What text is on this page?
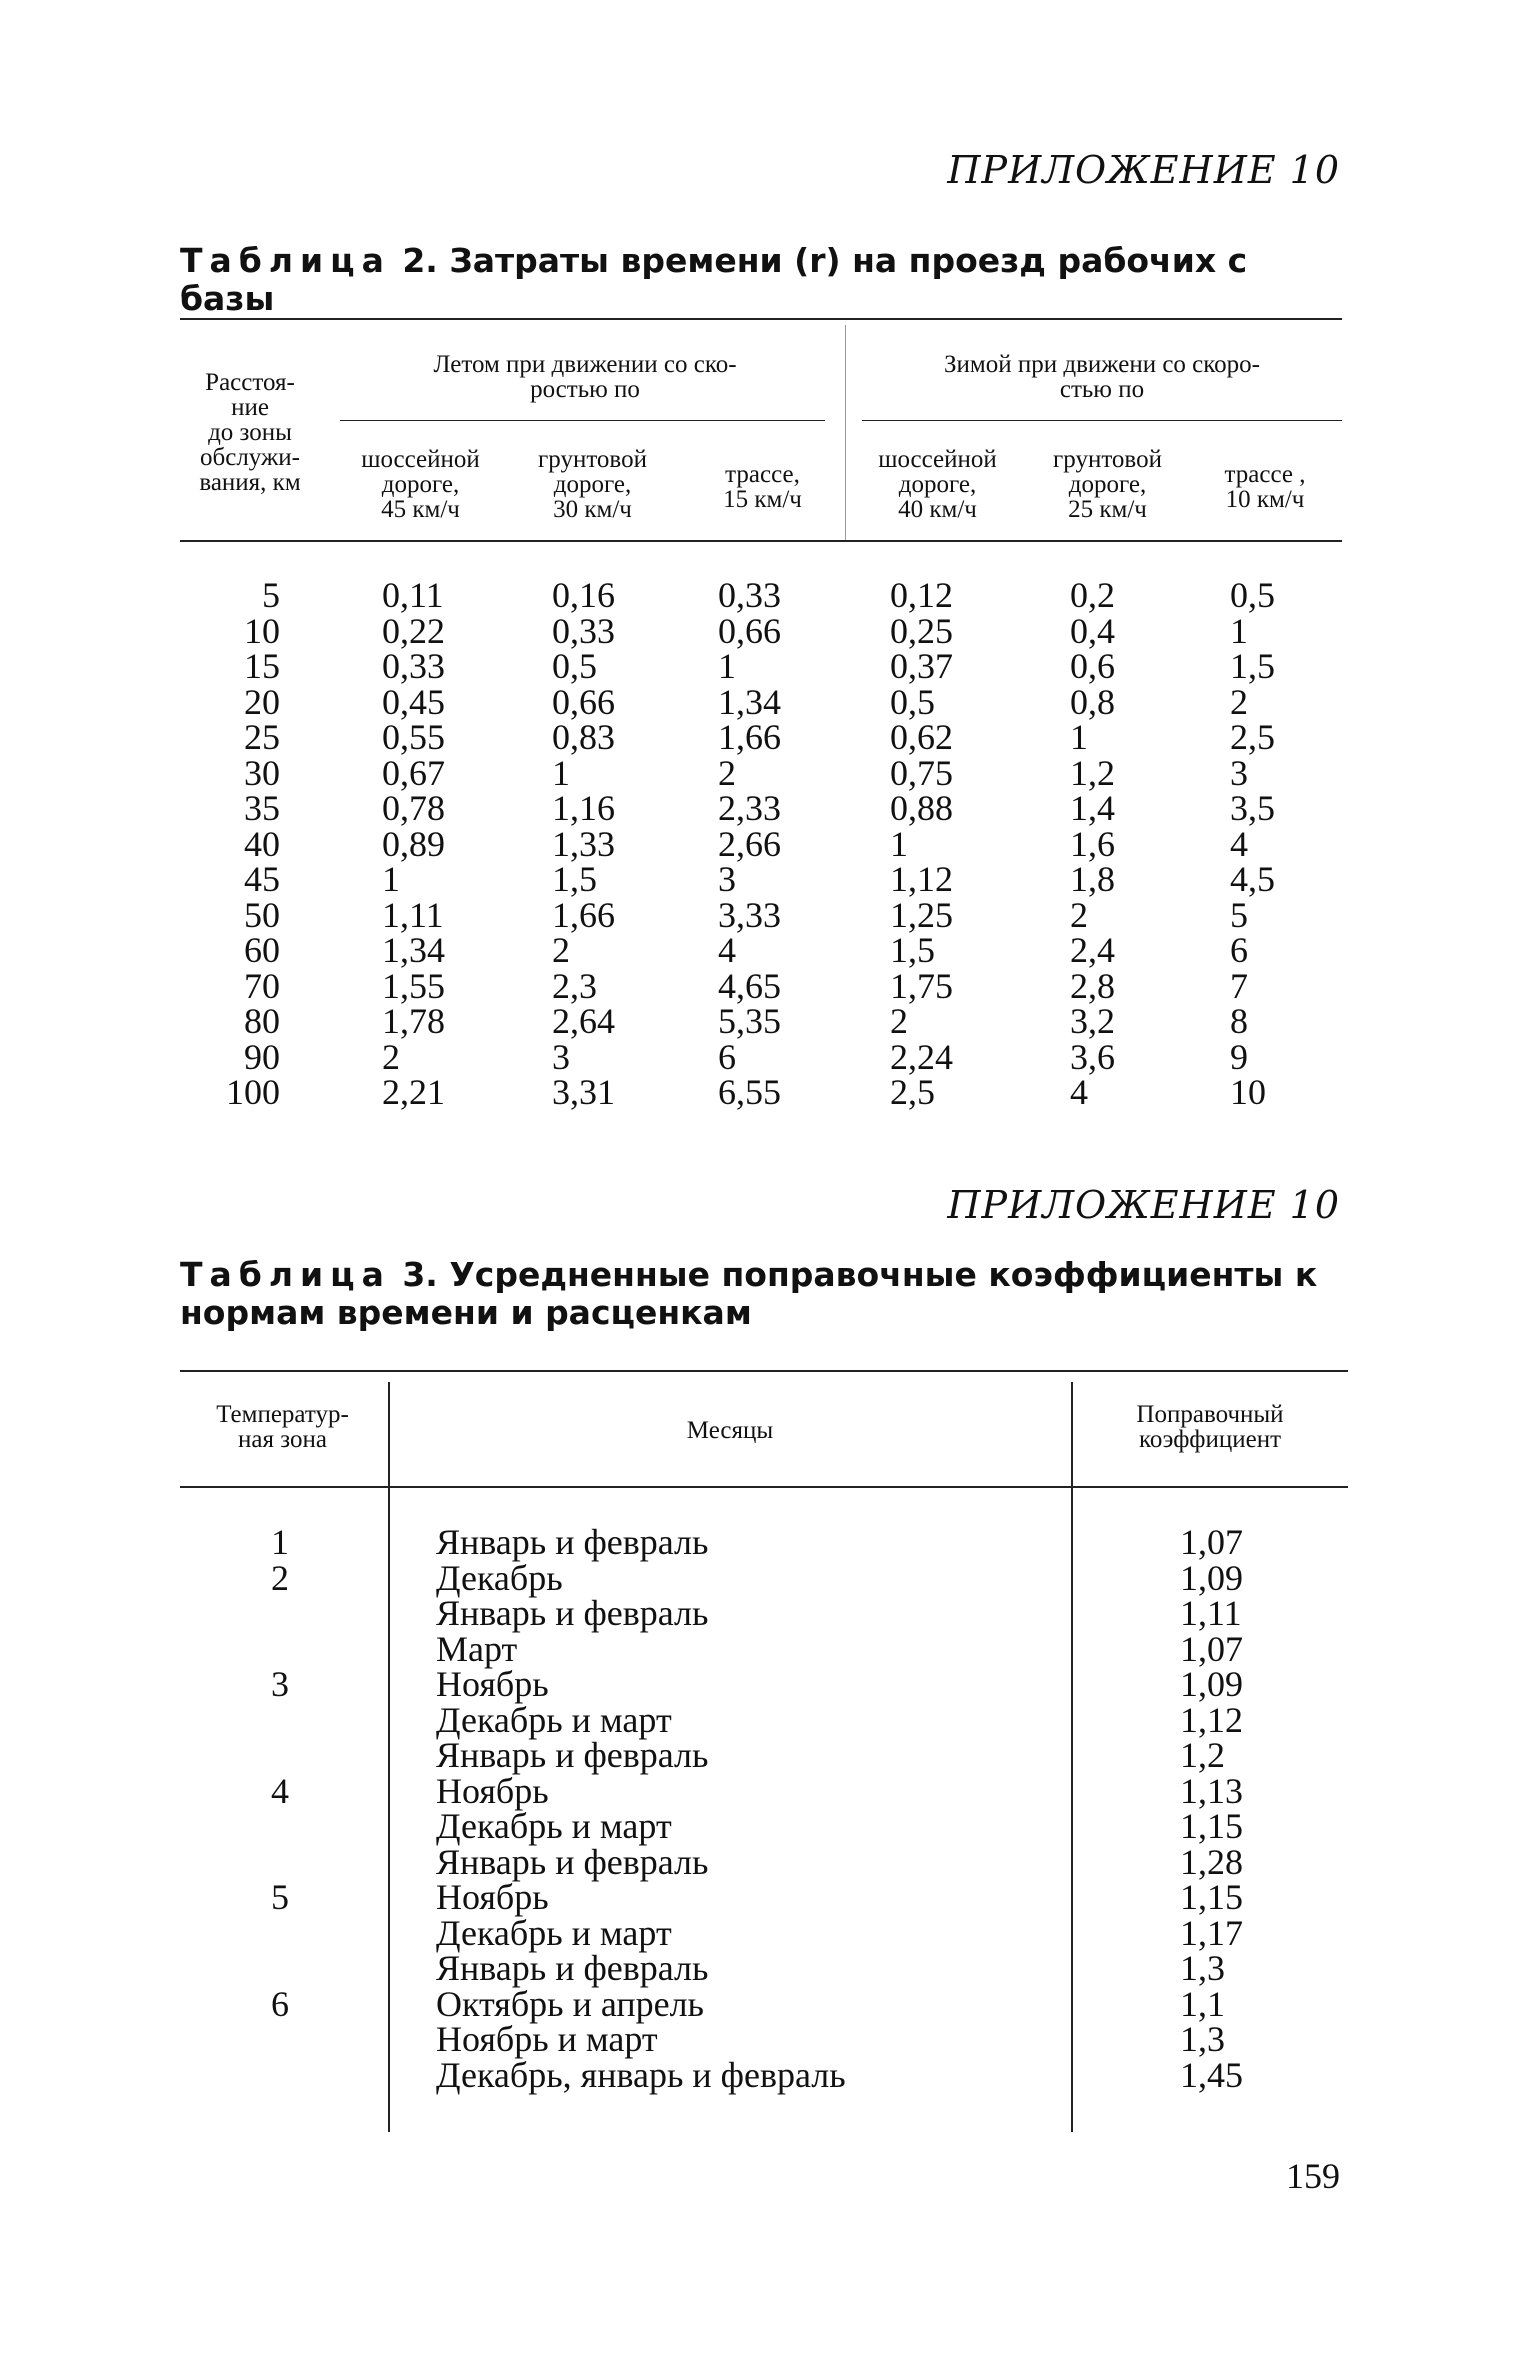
ПРИЛОЖЕНИЕ 10
Таблица 2. Затраты времени (r) на проезд рабочих с базы
Расстоя-
ние
до зоны
обслужи-
вания, км
Летом при движении со ско-
ростью по
Зимой при движени со скоро-
стью по
шоссейной
дороге,
45 км/ч
грунтовой
дороге,
30 км/ч
трассе,
15 км/ч
шоссейной
дороге,
40 км/ч
грунтовой
дороге,
25 км/ч
трассе ,
10 км/ч
5
10
15
20
25
30
35
40
45
50
60
70
80
90
100
0,11
0,22
0,33
0,45
0,55
0,67
0,78
0,89
1
1,11
1,34
1,55
1,78
2
2,21
0,16
0,33
0,5
0,66
0,83
1
1,16
1,33
1,5
1,66
2
2,3
2,64
3
3,31
0,33
0,66
1
1,34
1,66
2
2,33
2,66
3
3,33
4
4,65
5,35
6
6,55
0,12
0,25
0,37
0,5
0,62
0,75
0,88
1
1,12
1,25
1,5
1,75
2
2,24
2,5
0,2
0,4
0,6
0,8
1
1,2
1,4
1,6
1,8
2
2,4
2,8
3,2
3,6
4
0,5
1
1,5
2
2,5
3
3,5
4
4,5
5
6
7
8
9
10
ПРИЛОЖЕНИЕ 10
Таблица 3. Усредненные поправочные коэффициенты к нормам времени и расценкам
Температур-
ная зона	Месяцы
Поправочный
коэффициент
1
2
3
4
5
6
Январь и февраль
Декабрь
Январь и февраль
Март
Ноябрь
Декабрь и март
Январь и февраль
Ноябрь
Декабрь и март
Январь и февраль
Ноябрь
Декабрь и март
Январь и февраль
Октябрь и апрель
Ноябрь и март
Декабрь, январь и февраль
1,07
1,09
1,11
1,07
1,09
1,12
1,2
1,13
1,15
1,28
1,15
1,17
1,3
1,1
1,3
1,45
159
